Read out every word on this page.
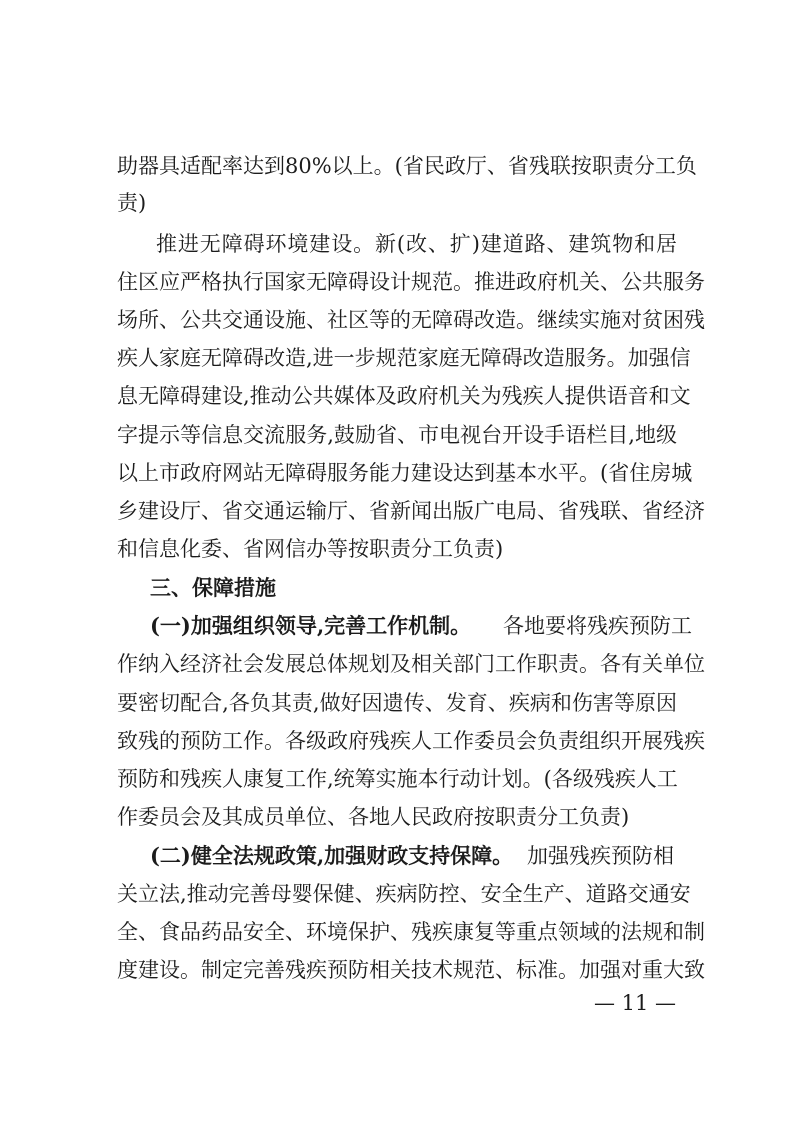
助器具适配率达到80%以上。(省民政厅、省残联按职责分工负
责)
推进无障碍环境建设。新(改、扩)建道路、建筑物和居
住区应严格执行国家无障碍设计规范。推进政府机关、公共服务
场所、公共交通设施、社区等的无障碍改造。继续实施对贫困残
疾人家庭无障碍改造,进一步规范家庭无障碍改造服务。加强信
息无障碍建设,推动公共媒体及政府机关为残疾人提供语音和文
字提示等信息交流服务,鼓励省、市电视台开设手语栏目,地级
以上市政府网站无障碍服务能力建设达到基本水平。(省住房城
乡建设厅、省交通运输厅、省新闻出版广电局、省残联、省经济
和信息化委、省网信办等按职责分工负责)
三、保障措施
(一)加强组织领导,完善工作机制。 各地要将残疾预防工
作纳入经济社会发展总体规划及相关部门工作职责。各有关单位
要密切配合,各负其责,做好因遗传、发育、疾病和伤害等原因
致残的预防工作。各级政府残疾人工作委员会负责组织开展残疾
预防和残疾人康复工作,统筹实施本行动计划。(各级残疾人工
作委员会及其成员单位、各地人民政府按职责分工负责)
(二)健全法规政策,加强财政支持保障。 加强残疾预防相
关立法,推动完善母婴保健、疾病防控、安全生产、道路交通安
全、食品药品安全、环境保护、残疾康复等重点领域的法规和制
度建设。制定完善残疾预防相关技术规范、标准。加强对重大致
— 11 —
